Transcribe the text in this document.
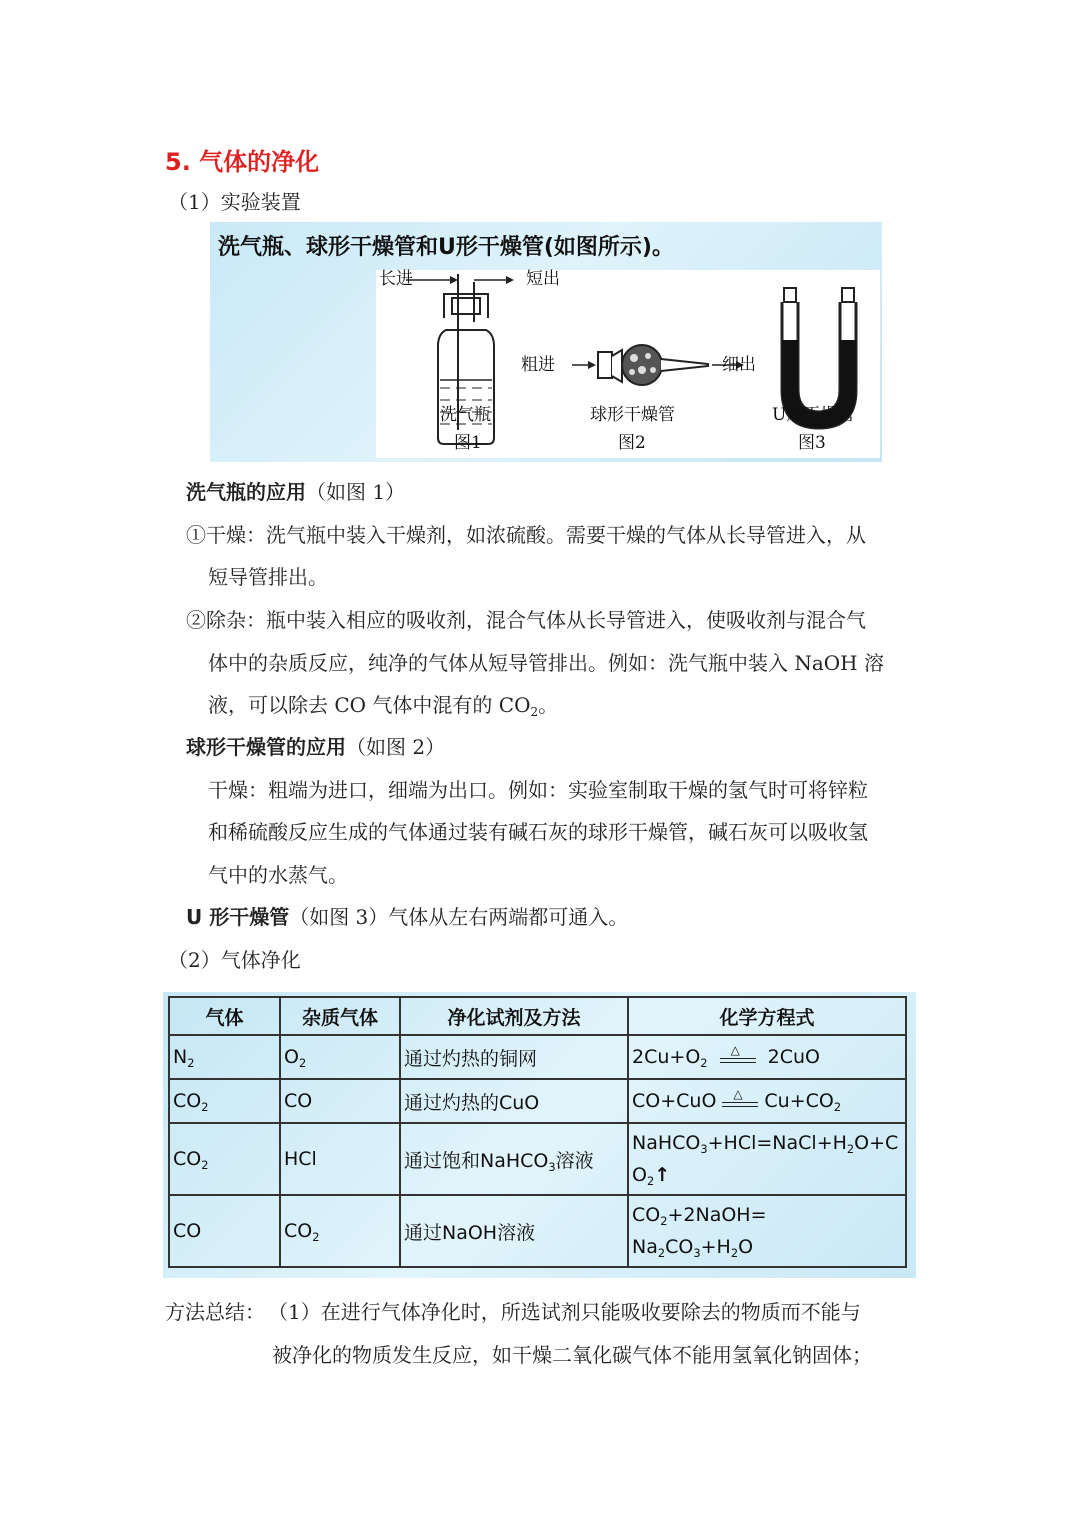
5. 气体的净化
（1）实验装置
洗气瓶、球形干燥管和U形干燥管(如图所示)。
长进	短出
粗进	细出
洗气瓶
图1
球形干燥管
图2
U形干燥管
图3
洗气瓶的应用（如图 1）
①干燥：洗气瓶中装入干燥剂，如浓硫酸。需要干燥的气体从长导管进入，从
短导管排出。
②除杂：瓶中装入相应的吸收剂，混合气体从长导管进入，使吸收剂与混合气
体中的杂质反应，纯净的气体从短导管排出。例如：洗气瓶中装入 NaOH 溶
液，可以除去 CO 气体中混有的 $CO_2$。
球形干燥管的应用（如图 2）
干燥：粗端为进口，细端为出口。例如：实验室制取干燥的氢气时可将锌粒
和稀硫酸反应生成的气体通过装有碱石灰的球形干燥管，碱石灰可以吸收氢
气中的水蒸气。
U 形干燥管（如图 3）气体从左右两端都可通入。
（2）气体净化
气体	杂质气体	净化试剂及方法	化学方程式
$N_2$	$O_2$	通过灼热的铜网	$2Cu+O_2$
△ 2CuO
$CO_2$	CO	通过灼热的CuO	CO+CuO △ $Cu+CO_2$
$CO_2$	HCl	通过饱和NaHCO$_3$溶液	$NaHCO_3+HCl=NaCl+H_2O+C$
$O_2↑$

CO	$CO_2$	通过NaOH溶液	$CO_2+2NaOH=$
$Na_2CO_3+H_2O$
方法总结： （1）在进行气体净化时，所选试剂只能吸收要除去的物质而不能与
被净化的物质发生反应，如干燥二氧化碳气体不能用氢氧化钠固体；
